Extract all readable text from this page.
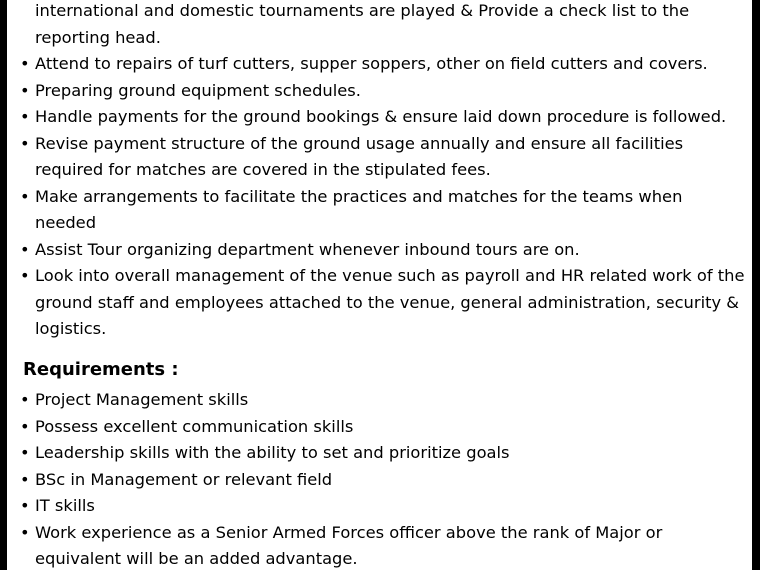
international and domestic tournaments are played & Provide a check list to the reporting head.
• Attend to repairs of turf cutters, supper soppers, other on field cutters and covers.
• Preparing ground equipment schedules.
• Handle payments for the ground bookings & ensure laid down procedure is followed.
• Revise payment structure of the ground usage annually and ensure all facilities required for matches are covered in the stipulated fees.
• Make arrangements to facilitate the practices and matches for the teams when needed
• Assist Tour organizing department whenever inbound tours are on.
• Look into overall management of the venue such as payroll and HR related work of the ground staff and employees attached to the venue, general administration, security & logistics.
Requirements :
• Project Management skills
• Possess excellent communication skills
• Leadership skills with the ability to set and prioritize goals
• BSc in Management or relevant field
• IT skills
• Work experience as a Senior Armed Forces officer above the rank of Major or equivalent will be an added advantage.
